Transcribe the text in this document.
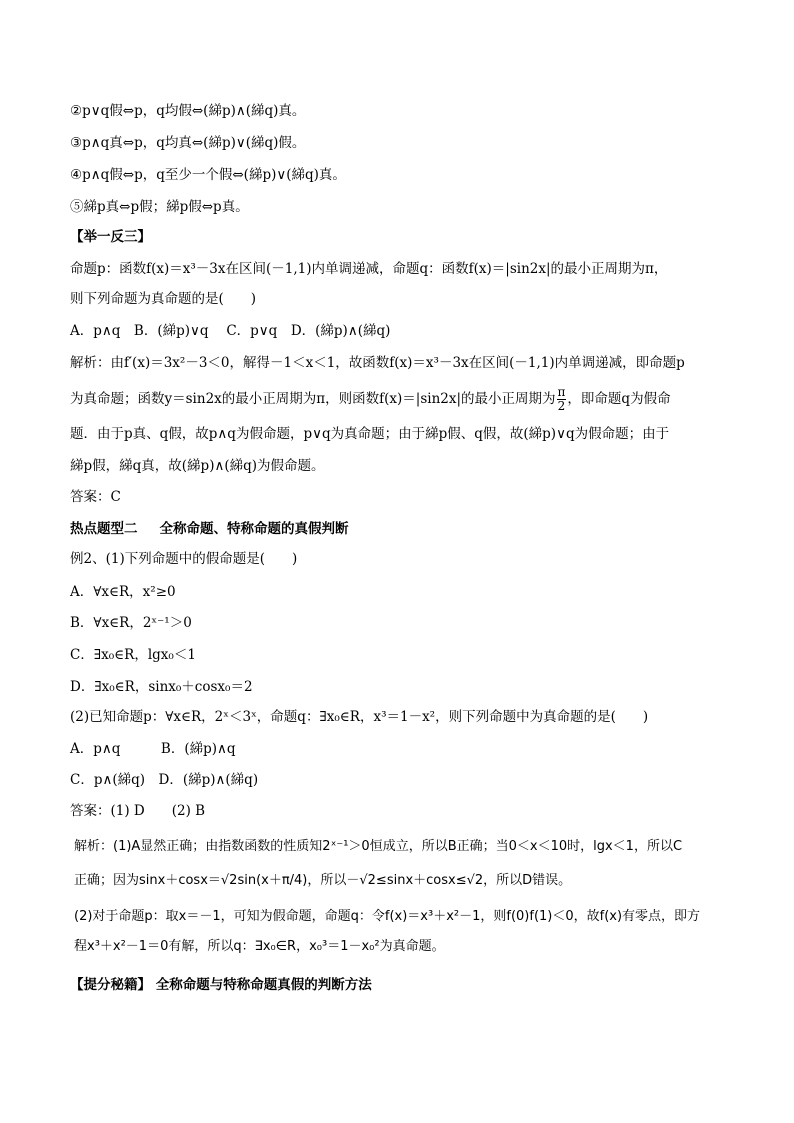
②p∨q假⇔p，q均假⇔(綈p)∧(綈q)真。
③p∧q真⇔p，q均真⇔(綈p)∨(綈q)假。
④p∧q假⇔p，q至少一个假⇔(綈p)∨(綈q)真。
⑤綈p真⇔p假；綈p假⇔p真。
【举一反三】
命题p：函数f(x)＝x³－3x在区间(－1,1)内单调递减，命题q：函数f(x)＝|sin2x|的最小正周期为π，
则下列命题为真命题的是(　　)
A．p∧q　B．(綈p)∨q　 C．p∨q　D．(綈p)∧(綈q)
解析：由f′(x)＝3x²－3＜0，解得－1＜x＜1，故函数f(x)＝x³－3x在区间(－1,1)内单调递减，即命题p
为真命题；函数y＝sin2x的最小正周期为π，则函数f(x)＝|sin2x|的最小正周期为 $\frac{\pi}{2}$ ，即命题q为假命
题．由于p真、q假，故p∧q为假命题，p∨q为真命题；由于綈p假、q假，故(綈p)∨q为假命题；由于
綈p假，綈q真，故(綈p)∧(綈q)为假命题。
答案：C
热点题型二 全称命题、特称命题的真假判断
例2、(1)下列命题中的假命题是(　　)
A．∀x∈R，x²≥0
B．∀x∈R，2ˣ⁻¹＞0
C．∃x₀∈R，lgx₀＜1
D．∃x₀∈R，sinx₀＋cosx₀＝2
(2)已知命题p：∀x∈R，2ˣ＜3ˣ，命题q：∃x₀∈R，x³＝1－x²，则下列命题中为真命题的是(　　)
A．p∧q　　　B．(綈p)∧q
C．p∧(綈q)　D．(綈p)∧(綈q)
答案：(1) D　　(2) B
解析：(1)A显然正确；由指数函数的性质知2ˣ⁻¹＞0恒成立，所以B正确；当0＜x＜10时，lgx＜1，所以C
正确；因为sinx＋cosx＝√2sin(x＋π/4)，所以－√2≤sinx＋cosx≤√2，所以D错误。
(2)对于命题p：取x＝－1，可知为假命题，命题q：令f(x)＝x³＋x²－1，则f(0)f(1)＜0，故f(x)有零点，即方
程x³＋x²－1＝0有解，所以q：∃x₀∈R，x₀³＝1－x₀²为真命题。
【提分秘籍】 全称命题与特称命题真假的判断方法
